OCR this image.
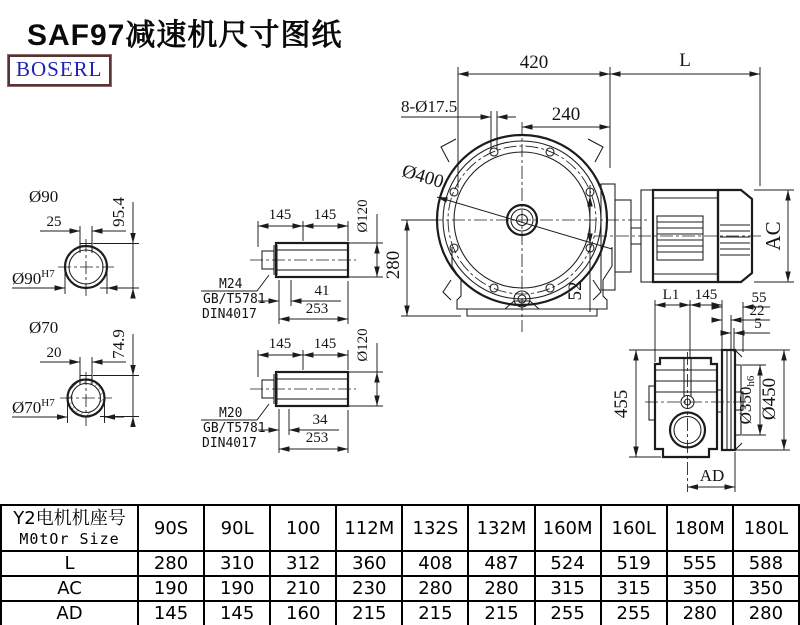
SAF97减速机尺寸图纸
BOSERL	420	L
8-Ø17.5	240
Ø400
280
52
AC
L1 145 55
22
5
455	Ø350h6 Ø450
AD
Ø90
25	95.4
$Ø90^{H7}$
Ø70
20	74.9
$Ø70^{H7}$
145 145 Ø120
M24
GB/T5781
DIN4017
41
253
145 145 Ø120
M20
GB/T5781
DIN4017
34
253
Y2电机机座号
M0tOr Size	90S	90L	100	112M	132S	132M	160M	160L	180M	180L
L	280	310	312	360	408	487	524	519	555	588
AC	190	190	210	230	280	280	315	315	350	350
AD	145	145	160	215	215	215	255	255	280	280
